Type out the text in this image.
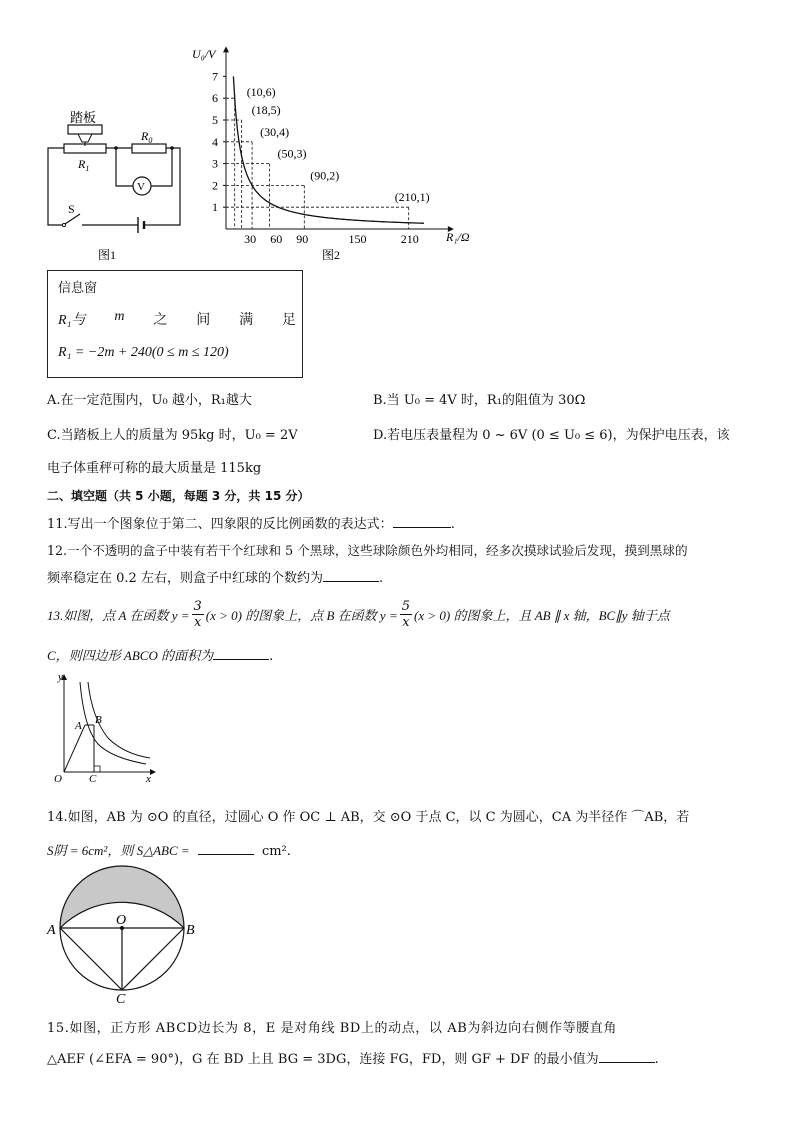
踏板
$R_1$
$R_0$
V
S
图1
1
2
3
4
5
6
7
30 60 90	150	210
(10,6)
(18,5)
(30,4)
(50,3)
(90,2)
(210,1)
U₀/V
R₁/Ω
图2
信息窗
R₁与 m 之 间 满 足
R₁ = −2m + 240(0 ≤ m ≤ 120)
A.在一定范围内，U₀ 越小，R₁越大	B.当 U₀ = 4V 时，R₁的阻值为 30Ω
C.当踏板上人的质量为 95kg 时，U₀ = 2V	D.若电压表量程为 0 ~ 6V (0 ≤ U₀ ≤ 6)，为保护电压表，该
电子体重秤可称的最大质量是 115kg
二、填空题（共 5 小题，每题 3 分，共 15 分）
11.写出一个图象位于第二、四象限的反比例函数的表达式：	.
12.一个不透明的盒子中装有若干个红球和 5 个黑球，这些球除颜色外均相同，经多次摸球试验后发现，摸到黑球的
频率稳定在 0.2 左右，则盒子中红球的个数约为	.
13.如图，点 A 在函数 $y = \frac{3}{x} (x > 0)$ 的图象上，点 B 在函数 $y = \frac{5}{x} (x > 0)$ 的图象上，且 AB ∥ x 轴，BC∥y 轴于点
C，则四边形 ABCO 的面积为	.
y
x
O
A B
C
14.如图，AB 为 ⊙O 的直径，过圆心 O 作 OC ⊥ AB，交 ⊙O 于点 C，以 C 为圆心，CA 为半径作 ⌒AB，若
S阴 = 6cm²，则 S△ABC =	cm².
A	B
O
C
15.如图，正方形 ABCD边长为 8，E 是对角线 BD上的动点，以 AB为斜边向右侧作等腰直角
△AEF (∠EFA = 90°)，G 在 BD 上且 BG = 3DG，连接 FG，FD，则 GF + DF 的最小值为	.
